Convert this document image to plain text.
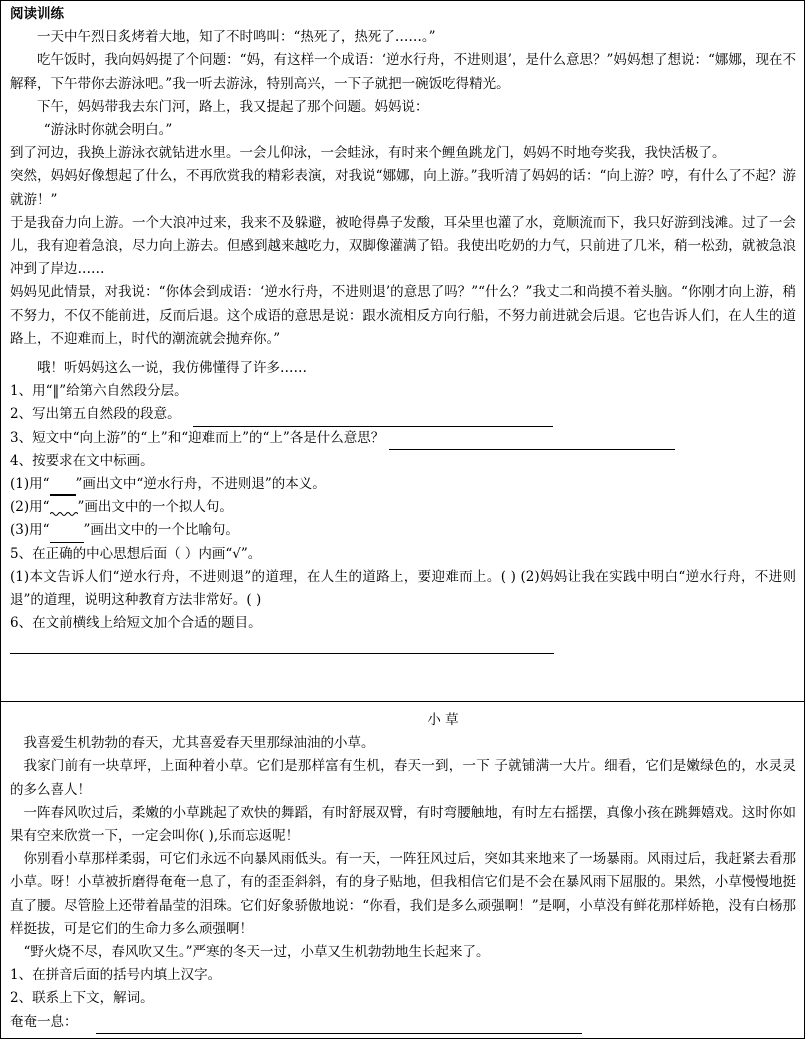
阅读训练

一天中午烈日炙烤着大地，知了不时鸣叫：“热死了，热死了……。”

吃午饭时，我向妈妈提了个问题：“妈，有这样一个成语：‘逆水行舟，不进则退’，是什么意思？”妈妈想了想说：“娜娜，现在不解释，下午带你去游泳吧。”我一听去游泳，特别高兴，一下子就把一碗饭吃得精光。

下午，妈妈带我去东门河，路上，我又提起了那个问题。妈妈说：

“游泳时你就会明白。”

到了河边，我换上游泳衣就钻进水里。一会儿仰泳，一会蛙泳，有时来个鲤鱼跳龙门，妈妈不时地夸奖我，我快活极了。

突然，妈妈好像想起了什么，不再欣赏我的精彩表演，对我说“娜娜，向上游。”我听清了妈妈的话：“向上游？哼，有什么了不起？游就游！”

于是我奋力向上游。一个大浪冲过来，我来不及躲避，被呛得鼻子发酸，耳朵里也灌了水，竟顺流而下，我只好游到浅滩。过了一会儿，我有迎着急浪，尽力向上游去。但感到越来越吃力，双脚像灌满了铅。我使出吃奶的力气，只前进了几米，稍一松劲，就被急浪冲到了岸边……

妈妈见此情景，对我说：“你体会到成语：‘逆水行舟，不进则退’的意思了吗？”“什么？”我丈二和尚摸不着头脑。“你刚才向上游，稍不努力，不仅不能前进，反而后退。这个成语的意思是说：跟水流相反方向行船，不努力前进就会后退。它也告诉人们，在人生的道路上，不迎难而上，时代的潮流就会抛弃你。”

哦！听妈妈这么一说，我仿佛懂得了许多……

1、用“‖”给第六自然段分层。

2、写出第五自然段的段意。

3、短文中“向上游”的“上”和“迎难而上”的“上”各是什么意思？

4、按要求在文中标画。

(1)用“ ”画出文中“逆水行舟，不进则退”的本义。

(2)用“ ”画出文中的一个拟人句。

(3)用“	”画出文中的一个比喻句。

5、在正确的中心思想后面（ ）内画“√”。

(1)本文告诉人们“逆水行舟，不进则退”的道理，在人生的道路上，要迎难而上。( ) (2)妈妈让我在实践中明白“逆水行舟，不进则退”的道理，说明这种教育方法非常好。( )

6、在文前横线上给短文加个合适的题目。

小 草

我喜爱生机勃勃的春天，尤其喜爱春天里那绿油油的小草。

我家门前有一块草坪，上面种着小草。它们是那样富有生机，春天一到，一下 子就铺满一大片。细看，它们是嫩绿色的，水灵灵的多么喜人！

一阵春风吹过后，柔嫩的小草跳起了欢快的舞蹈，有时舒展双臂，有时弯腰触地，有时左右摇摆，真像小孩在跳舞嬉戏。这时你如果有空来欣赏一下，一定会叫你( ),乐而忘返呢！

你别看小草那样柔弱，可它们永远不向暴风雨低头。有一天，一阵狂风过后，突如其来地来了一场暴雨。风雨过后，我赶紧去看那小草。呀！小草被折磨得奄奄一息了，有的歪歪斜斜，有的身子贴地，但我相信它们是不会在暴风雨下屈服的。果然，小草慢慢地挺直了腰。尽管脸上还带着晶莹的泪珠。它们好象骄傲地说：“你看，我们是多么顽强啊！”是啊，小草没有鲜花那样娇艳，没有白杨那样挺拔，可是它们的生命力多么顽强啊！

“野火烧不尽，春风吹又生。”严寒的冬天一过，小草又生机勃勃地生长起来了。

1、在拼音后面的括号内填上汉字。

2、联系上下文，解词。

奄奄一息：
